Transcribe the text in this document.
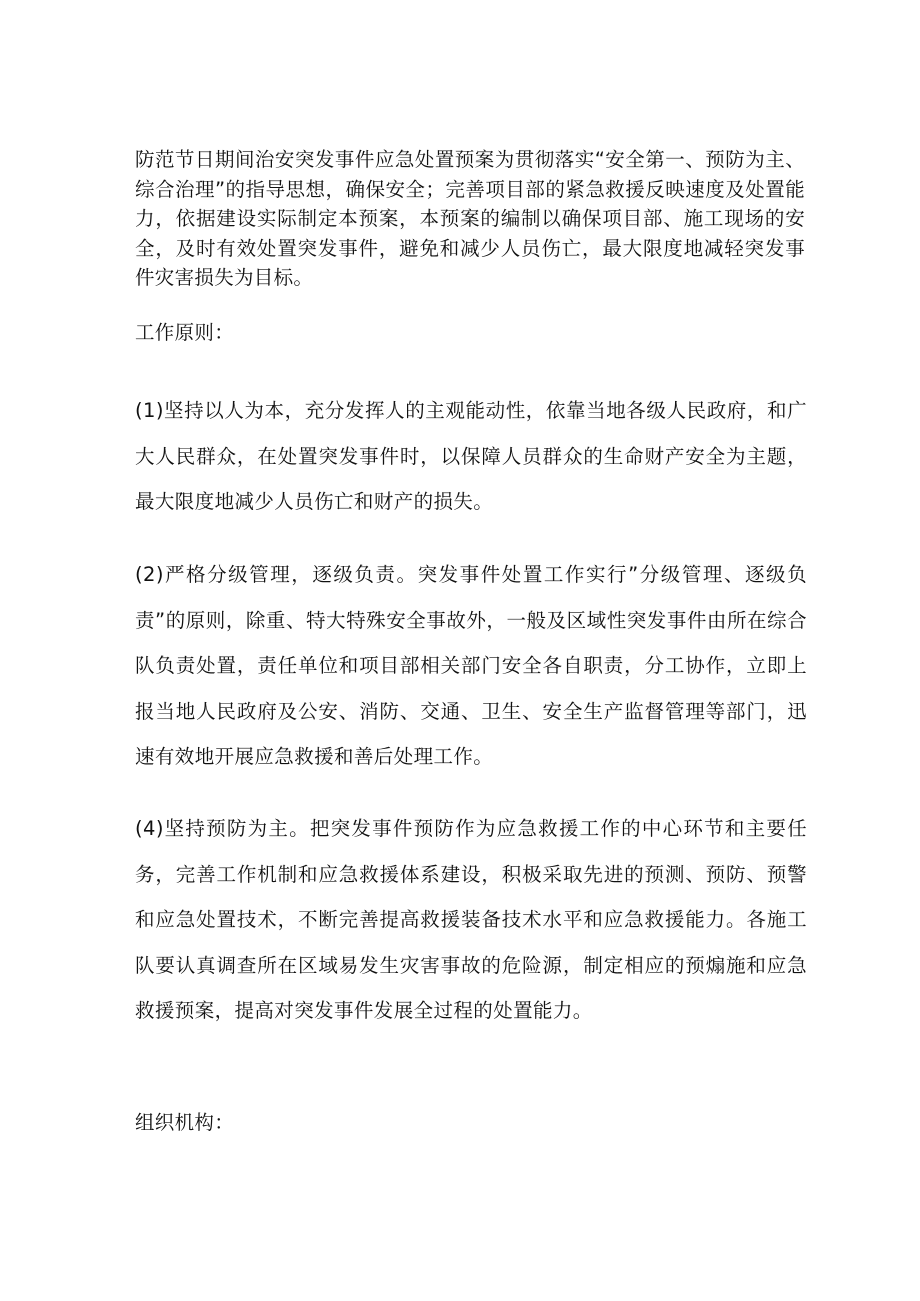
防范节日期间治安突发事件应急处置预案为贯彻落实“安全第一、预防为主、综合治理”的指导思想，确保安全；完善项目部的紧急救援反映速度及处置能力，依据建设实际制定本预案，本预案的编制以确保项目部、施工现场的安全，及时有效处置突发事件，避免和减少人员伤亡，最大限度地减轻突发事件灾害损失为目标。

工作原则：

(1)坚持以人为本，充分发挥人的主观能动性，依靠当地各级人民政府，和广大人民群众，在处置突发事件时，以保障人员群众的生命财产安全为主题，最大限度地减少人员伤亡和财产的损失。

(2)严格分级管理，逐级负责。突发事件处置工作实行”分级管理、逐级负责”的原则，除重、特大特殊安全事故外，一般及区域性突发事件由所在综合队负责处置，责任单位和项目部相关部门安全各自职责，分工协作，立即上报当地人民政府及公安、消防、交通、卫生、安全生产监督管理等部门，迅速有效地开展应急救援和善后处理工作。

(4)坚持预防为主。把突发事件预防作为应急救援工作的中心环节和主要任务，完善工作机制和应急救援体系建设，积极采取先进的预测、预防、预警和应急处置技术，不断完善提高救援装备技术水平和应急救援能力。各施工队要认真调查所在区域易发生灾害事故的危险源，制定相应的预煽施和应急救援预案，提高对突发事件发展全过程的处置能力。

组织机构：
